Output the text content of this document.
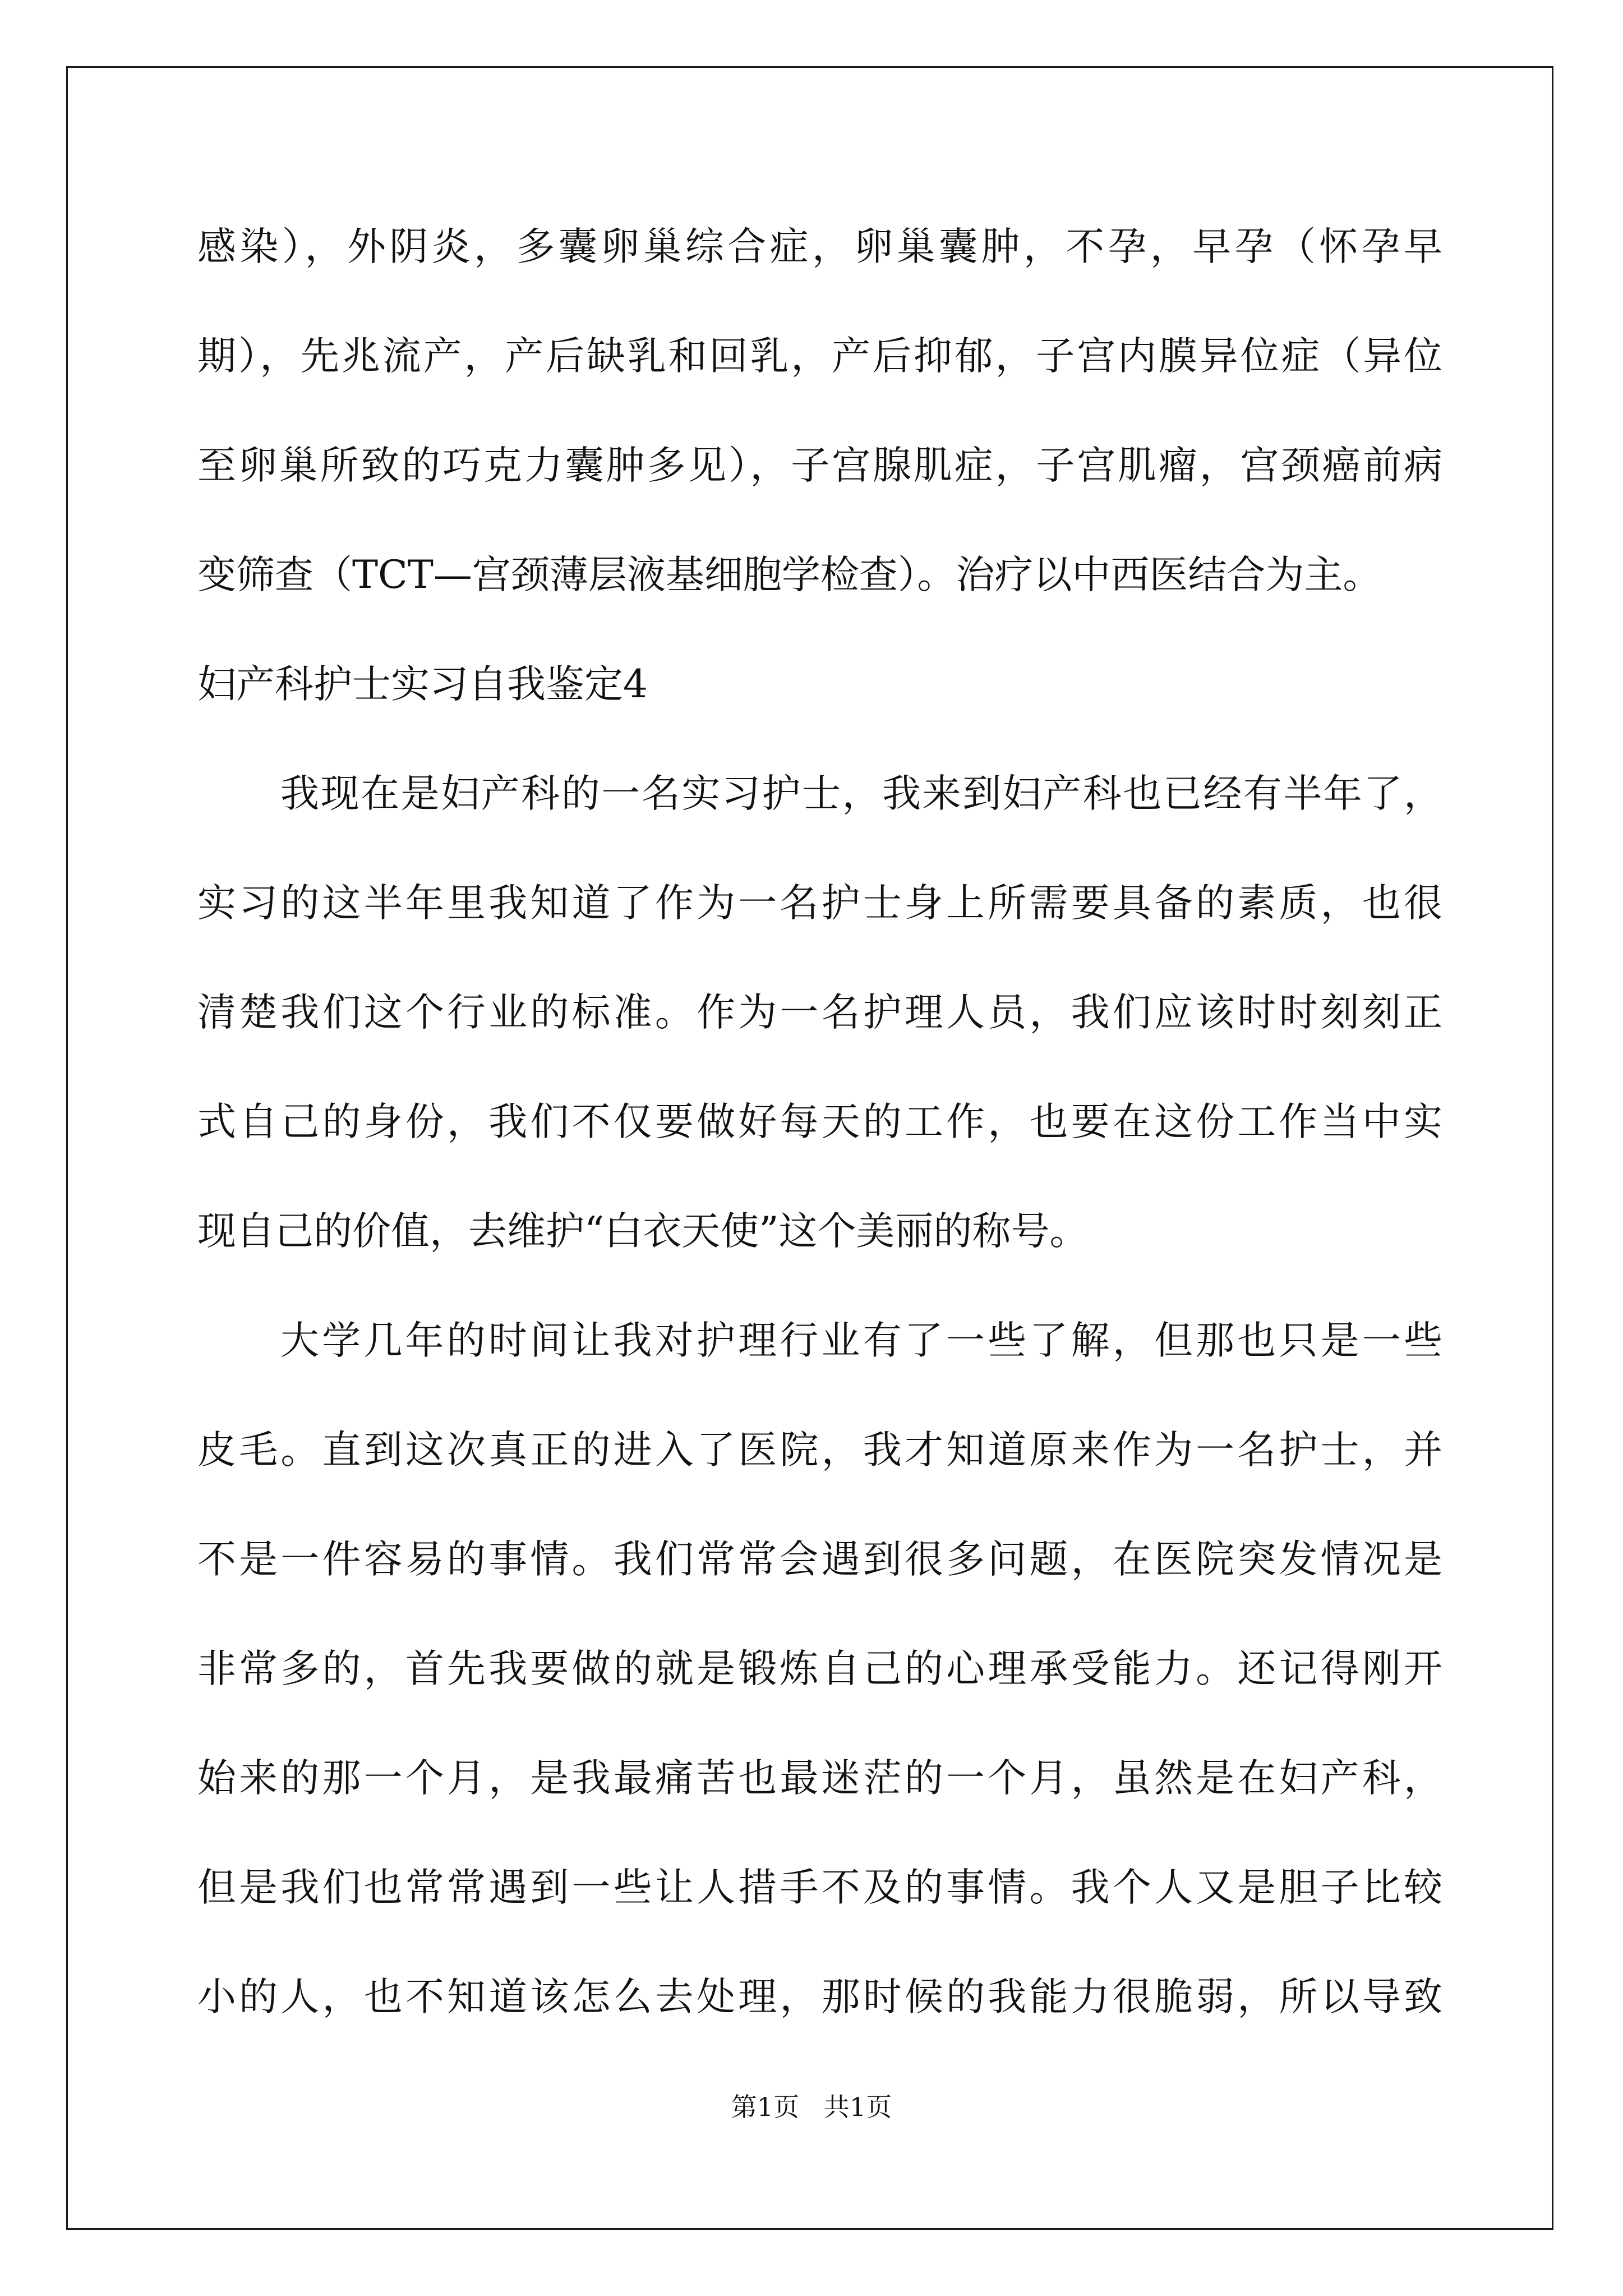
感染），外阴炎，多囊卵巢综合症，卵巢囊肿，不孕，早孕（怀孕早
期），先兆流产，产后缺乳和回乳，产后抑郁，子宫内膜异位症（异位
至卵巢所致的巧克力囊肿多见），子宫腺肌症，子宫肌瘤，宫颈癌前病
变筛查（TCT—宫颈薄层液基细胞学检查）。治疗以中西医结合为主。
妇产科护士实习自我鉴定4
我现在是妇产科的一名实习护士，我来到妇产科也已经有半年了，
实习的这半年里我知道了作为一名护士身上所需要具备的素质，也很
清楚我们这个行业的标准。作为一名护理人员，我们应该时时刻刻正
式自己的身份，我们不仅要做好每天的工作，也要在这份工作当中实
现自己的价值，去维护“白衣天使”这个美丽的称号。
大学几年的时间让我对护理行业有了一些了解，但那也只是一些
皮毛。直到这次真正的进入了医院，我才知道原来作为一名护士，并
不是一件容易的事情。我们常常会遇到很多问题，在医院突发情况是
非常多的，首先我要做的就是锻炼自己的心理承受能力。还记得刚开
始来的那一个月，是我最痛苦也最迷茫的一个月，虽然是在妇产科，
但是我们也常常遇到一些让人措手不及的事情。我个人又是胆子比较
小的人，也不知道该怎么去处理，那时候的我能力很脆弱，所以导致
第1页   共1页
